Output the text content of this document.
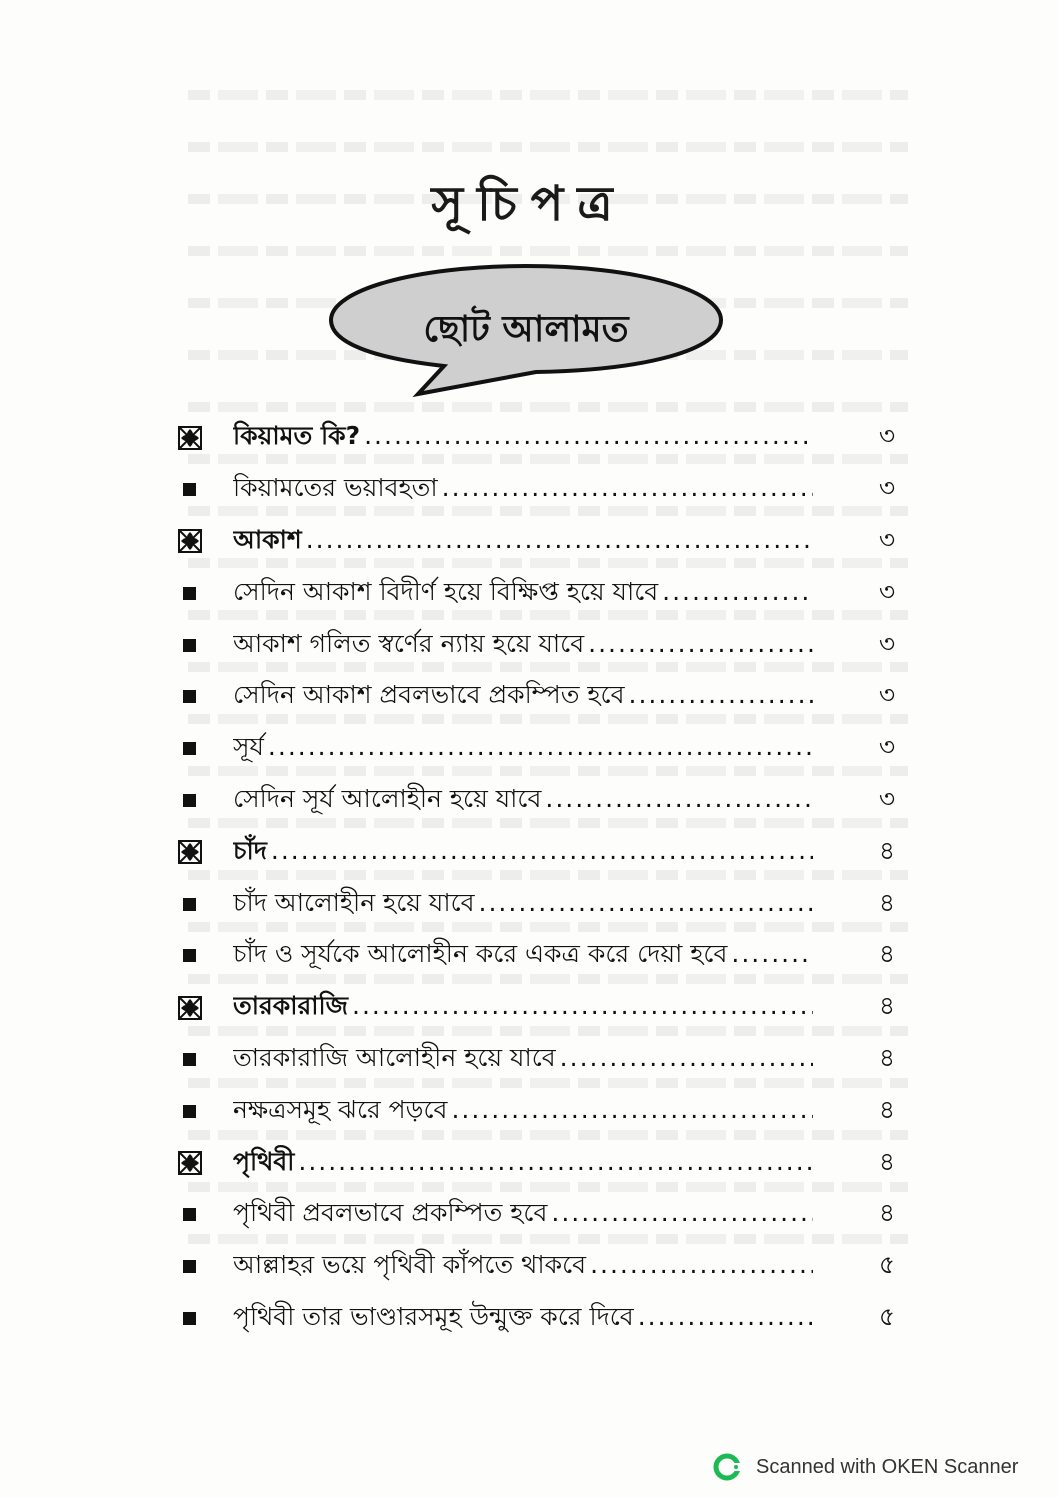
সূচিপত্র
ছোট আলামত
কিয়ামত কি? .....	৩
কিয়ামতের ভয়াবহতা .....	৩
আকাশ .....	৩
সেদিন আকাশ বিদীর্ণ হয়ে বিক্ষিপ্ত হয়ে যাবে .....	৩
আকাশ গলিত স্বর্ণের ন্যায় হয়ে যাবে .....	৩
সেদিন আকাশ প্রবলভাবে প্রকম্পিত হবে .....	৩
সূর্য .....	৩
সেদিন সূর্য আলোহীন হয়ে যাবে .....	৩
চাঁদ .....	৪
চাঁদ আলোহীন হয়ে যাবে .....	৪
চাঁদ ও সূর্যকে আলোহীন করে একত্র করে দেয়া হবে .....	৪
তারকারাজি .....	৪
তারকারাজি আলোহীন হয়ে যাবে .....	৪
নক্ষত্রসমূহ ঝরে পড়বে .....	৪
পৃথিবী .....	৪
পৃথিবী প্রবলভাবে প্রকম্পিত হবে .....	৪
আল্লাহর ভয়ে পৃথিবী কাঁপতে থাকবে .....	৫
পৃথিবী তার ভাণ্ডারসমূহ উন্মুক্ত করে দিবে .....	৫
Scanned with OKEN Scanner
